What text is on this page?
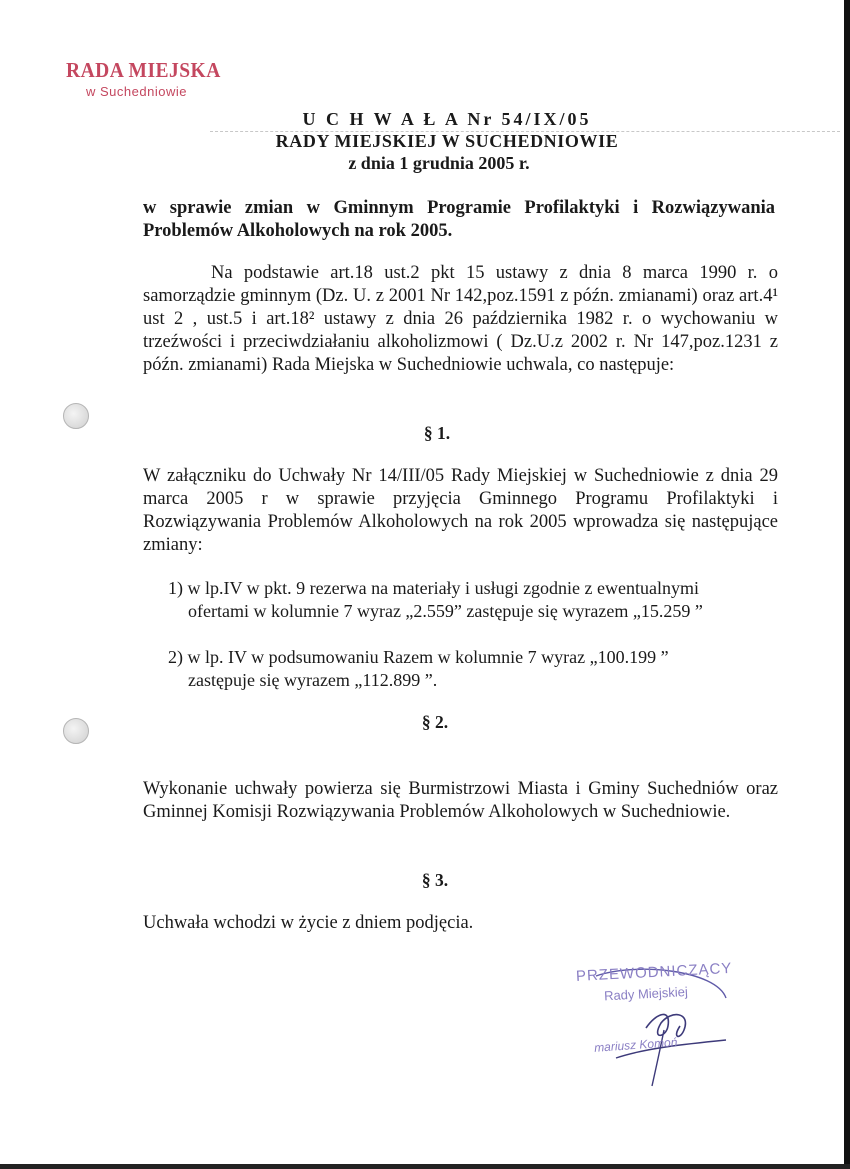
RADA MIEJSKA
w Suchedniowie
U C H W A Ł A Nr 54/IX/05
RADY MIEJSKIEJ W SUCHEDNIOWIE
z dnia 1 grudnia 2005 r.
w sprawie zmian w Gminnym Programie Profilaktyki i Rozwiązywania Problemów Alkoholowych na rok 2005.
Na podstawie art.18 ust.2 pkt 15 ustawy z dnia 8 marca 1990 r. o samorządzie gminnym (Dz. U. z 2001 Nr 142,poz.1591 z późn. zmianami) oraz art.4¹ ust 2 , ust.5 i art.18² ustawy z dnia 26 października 1982 r. o wychowaniu w trzeźwości i przeciwdziałaniu alkoholizmowi ( Dz.U.z 2002 r. Nr 147,poz.1231 z późn. zmianami) Rada Miejska w Suchedniowie uchwala, co następuje:
§ 1.
W załączniku do Uchwały Nr 14/III/05 Rady Miejskiej w Suchedniowie z dnia 29 marca 2005 r w sprawie przyjęcia Gminnego Programu Profilaktyki i Rozwiązywania Problemów Alkoholowych na rok 2005 wprowadza się następujące zmiany:
1) w lp.IV w pkt. 9 rezerwa na materiały i usługi zgodnie z ewentualnymi
ofertami w kolumnie 7 wyraz „2.559” zastępuje się wyrazem „15.259 ”
2) w lp. IV w podsumowaniu Razem w kolumnie 7 wyraz „100.199 ”
zastępuje się wyrazem „112.899 ”.
§ 2.
Wykonanie uchwały powierza się Burmistrzowi Miasta i Gminy Suchedniów oraz Gminnej Komisji Rozwiązywania Problemów Alkoholowych w Suchedniowie.
§ 3.
Uchwała wchodzi w życie z dniem podjęcia.
PRZEWODNICZĄCY
Rady Miejskiej
mariusz Komoń
